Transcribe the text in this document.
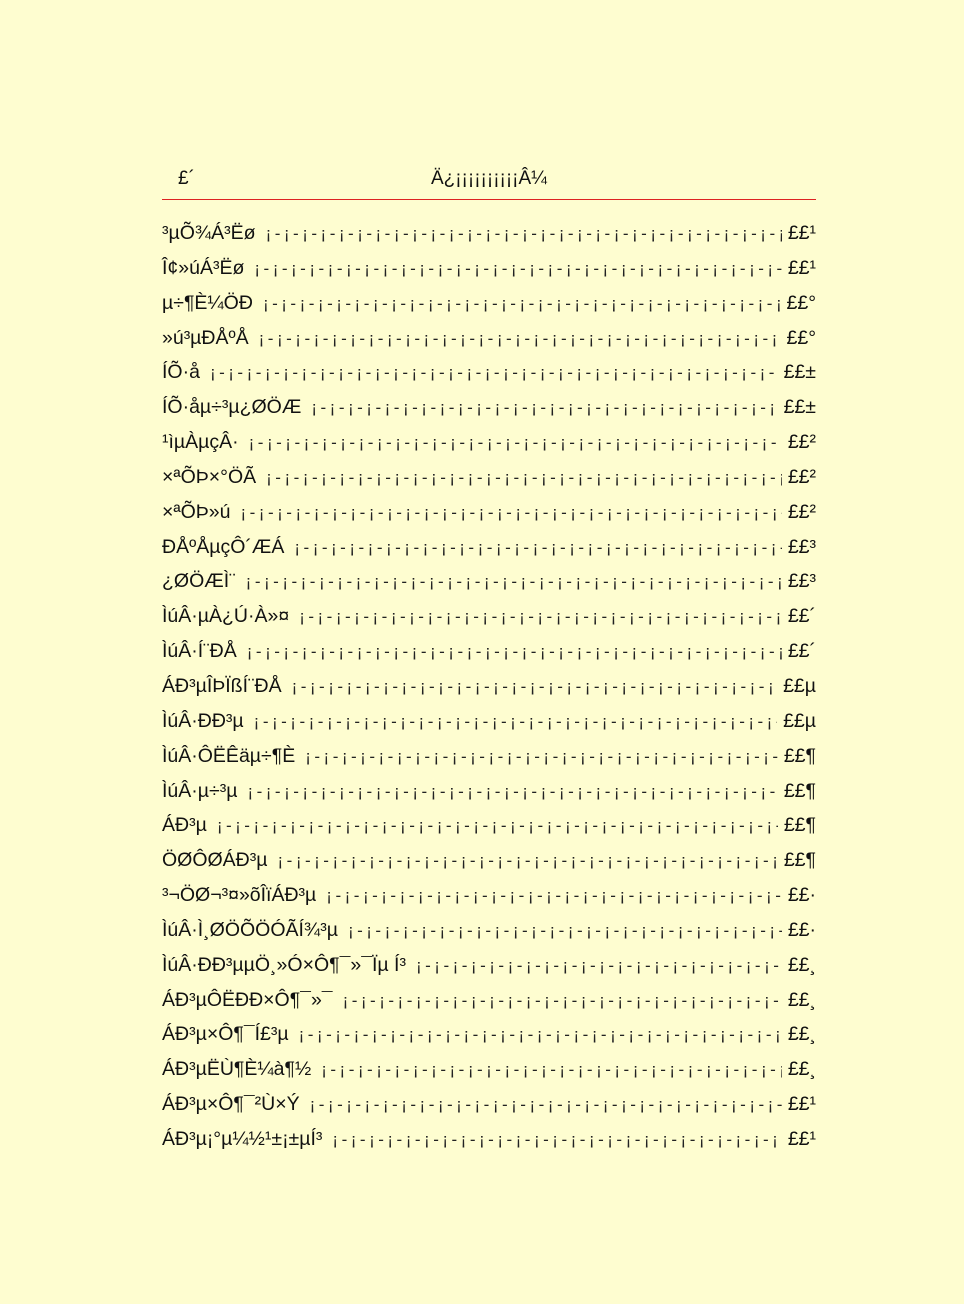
£´	Ä¿¡¡¡¡¡¡¡¡¡¡Â¼
³µÕ¾Á³Ëø ¡-¡-¡-¡-¡-¡-¡-¡-¡-¡-¡-¡-¡-¡-¡-¡-¡-¡-¡-¡-¡-¡-¡-¡-¡-¡-¡-¡-¡-¡-¡-¡-¡-¡-¡-¡-¡-¡-¡-¡-	££¹
Î¢»úÁ³Ëø ¡-¡-¡-¡-¡-¡-¡-¡-¡-¡-¡-¡-¡-¡-¡-¡-¡-¡-¡-¡-¡-¡-¡-¡-¡-¡-¡-¡-¡-¡-¡-¡-¡-¡-¡-¡-¡-¡-¡-¡-	££¹
µ÷¶È¼ÖÐ ¡-¡-¡-¡-¡-¡-¡-¡-¡-¡-¡-¡-¡-¡-¡-¡-¡-¡-¡-¡-¡-¡-¡-¡-¡-¡-¡-¡-¡-¡-¡-¡-¡-¡-¡-¡-¡-¡-¡-¡-	££°
»ú³µÐÅºÅ ¡-¡-¡-¡-¡-¡-¡-¡-¡-¡-¡-¡-¡-¡-¡-¡-¡-¡-¡-¡-¡-¡-¡-¡-¡-¡-¡-¡-¡-¡-¡-¡-¡-¡-¡-¡-¡-¡-¡-¡-	££°
ÍÕ·å ¡-¡-¡-¡-¡-¡-¡-¡-¡-¡-¡-¡-¡-¡-¡-¡-¡-¡-¡-¡-¡-¡-¡-¡-¡-¡-¡-¡-¡-¡-¡-¡-¡-¡-¡-¡-¡-¡-¡-¡-	££±
ÍÕ·åµ÷³µ¿ØÖÆ ¡-¡-¡-¡-¡-¡-¡-¡-¡-¡-¡-¡-¡-¡-¡-¡-¡-¡-¡-¡-¡-¡-¡-¡-¡-¡-¡-¡-¡-¡-¡-¡-¡-¡-¡-¡-¡-¡-¡-¡-	££±
¹ìµÀµçÂ· ¡-¡-¡-¡-¡-¡-¡-¡-¡-¡-¡-¡-¡-¡-¡-¡-¡-¡-¡-¡-¡-¡-¡-¡-¡-¡-¡-¡-¡-¡-¡-¡-¡-¡-¡-¡-¡-¡-¡-¡-	££²
×ªÕÞ×°ÖÃ ¡-¡-¡-¡-¡-¡-¡-¡-¡-¡-¡-¡-¡-¡-¡-¡-¡-¡-¡-¡-¡-¡-¡-¡-¡-¡-¡-¡-¡-¡-¡-¡-¡-¡-¡-¡-¡-¡-¡-¡-	££²
×ªÕÞ»ú ¡-¡-¡-¡-¡-¡-¡-¡-¡-¡-¡-¡-¡-¡-¡-¡-¡-¡-¡-¡-¡-¡-¡-¡-¡-¡-¡-¡-¡-¡-¡-¡-¡-¡-¡-¡-¡-¡-¡-¡-	££²
ÐÅºÅµçÔ´ÆÁ ¡-¡-¡-¡-¡-¡-¡-¡-¡-¡-¡-¡-¡-¡-¡-¡-¡-¡-¡-¡-¡-¡-¡-¡-¡-¡-¡-¡-¡-¡-¡-¡-¡-¡-¡-¡-¡-¡-¡-¡-	££³
¿ØÖÆÌ¨ ¡-¡-¡-¡-¡-¡-¡-¡-¡-¡-¡-¡-¡-¡-¡-¡-¡-¡-¡-¡-¡-¡-¡-¡-¡-¡-¡-¡-¡-¡-¡-¡-¡-¡-¡-¡-¡-¡-¡-¡-	££³
ÌúÂ·µÀ¿Ú·À»¤ ¡-¡-¡-¡-¡-¡-¡-¡-¡-¡-¡-¡-¡-¡-¡-¡-¡-¡-¡-¡-¡-¡-¡-¡-¡-¡-¡-¡-¡-¡-¡-¡-¡-¡-¡-¡-¡-¡-¡-¡-	££´
ÌúÂ·Í¨ÐÅ ¡-¡-¡-¡-¡-¡-¡-¡-¡-¡-¡-¡-¡-¡-¡-¡-¡-¡-¡-¡-¡-¡-¡-¡-¡-¡-¡-¡-¡-¡-¡-¡-¡-¡-¡-¡-¡-¡-¡-¡-	££´
ÁÐ³µÎÞÏßÍ¨ÐÅ ¡-¡-¡-¡-¡-¡-¡-¡-¡-¡-¡-¡-¡-¡-¡-¡-¡-¡-¡-¡-¡-¡-¡-¡-¡-¡-¡-¡-¡-¡-¡-¡-¡-¡-¡-¡-¡-¡-¡-¡-	££µ
ÌúÂ·ÐÐ³µ ¡-¡-¡-¡-¡-¡-¡-¡-¡-¡-¡-¡-¡-¡-¡-¡-¡-¡-¡-¡-¡-¡-¡-¡-¡-¡-¡-¡-¡-¡-¡-¡-¡-¡-¡-¡-¡-¡-¡-¡-	££µ
ÌúÂ·ÔËÊäµ÷¶È ¡-¡-¡-¡-¡-¡-¡-¡-¡-¡-¡-¡-¡-¡-¡-¡-¡-¡-¡-¡-¡-¡-¡-¡-¡-¡-¡-¡-¡-¡-¡-¡-¡-¡-¡-¡-¡-¡-¡-¡-	££¶
ÌúÂ·µ÷³µ ¡-¡-¡-¡-¡-¡-¡-¡-¡-¡-¡-¡-¡-¡-¡-¡-¡-¡-¡-¡-¡-¡-¡-¡-¡-¡-¡-¡-¡-¡-¡-¡-¡-¡-¡-¡-¡-¡-¡-¡-	££¶
ÁÐ³µ ¡-¡-¡-¡-¡-¡-¡-¡-¡-¡-¡-¡-¡-¡-¡-¡-¡-¡-¡-¡-¡-¡-¡-¡-¡-¡-¡-¡-¡-¡-¡-¡-¡-¡-¡-¡-¡-¡-¡-¡-	££¶
ÖØÔØÁÐ³µ ¡-¡-¡-¡-¡-¡-¡-¡-¡-¡-¡-¡-¡-¡-¡-¡-¡-¡-¡-¡-¡-¡-¡-¡-¡-¡-¡-¡-¡-¡-¡-¡-¡-¡-¡-¡-¡-¡-¡-¡-	££¶
³¬ÖØ¬³¤»õÎïÁÐ³µ ¡-¡-¡-¡-¡-¡-¡-¡-¡-¡-¡-¡-¡-¡-¡-¡-¡-¡-¡-¡-¡-¡-¡-¡-¡-¡-¡-¡-¡-¡-¡-¡-¡-¡-¡-¡-¡-¡-¡-¡-	££·
ÌúÂ·Ì¸ØÖÕÖÓÃÍ¾³µ ¡-¡-¡-¡-¡-¡-¡-¡-¡-¡-¡-¡-¡-¡-¡-¡-¡-¡-¡-¡-¡-¡-¡-¡-¡-¡-¡-¡-¡-¡-¡-¡-¡-¡-¡-¡-¡-¡-¡-¡-	££·
ÌúÂ·ÐÐ³µµÖ¸»Ó×Ô¶¯»¯Ïµ Í³ ¡-¡-¡-¡-¡-¡-¡-¡-¡-¡-¡-¡-¡-¡-¡-¡-¡-¡-¡-¡-¡-¡-¡-¡-¡-¡-¡-¡-¡-¡-¡-¡-¡-¡-¡-¡-¡-¡-¡-¡-	££¸
ÁÐ³µÔËÐÐ×Ô¶¯»¯ ¡-¡-¡-¡-¡-¡-¡-¡-¡-¡-¡-¡-¡-¡-¡-¡-¡-¡-¡-¡-¡-¡-¡-¡-¡-¡-¡-¡-¡-¡-¡-¡-¡-¡-¡-¡-¡-¡-¡-¡-	££¸
ÁÐ³µ×Ô¶¯Í£³µ ¡-¡-¡-¡-¡-¡-¡-¡-¡-¡-¡-¡-¡-¡-¡-¡-¡-¡-¡-¡-¡-¡-¡-¡-¡-¡-¡-¡-¡-¡-¡-¡-¡-¡-¡-¡-¡-¡-¡-¡-	££¸
ÁÐ³µËÙ¶È¼à¶½ ¡-¡-¡-¡-¡-¡-¡-¡-¡-¡-¡-¡-¡-¡-¡-¡-¡-¡-¡-¡-¡-¡-¡-¡-¡-¡-¡-¡-¡-¡-¡-¡-¡-¡-¡-¡-¡-¡-¡-¡-	££¸
ÁÐ³µ×Ô¶¯²Ù×Ý ¡-¡-¡-¡-¡-¡-¡-¡-¡-¡-¡-¡-¡-¡-¡-¡-¡-¡-¡-¡-¡-¡-¡-¡-¡-¡-¡-¡-¡-¡-¡-¡-¡-¡-¡-¡-¡-¡-¡-¡-	££¹
ÁÐ³µ¡°µ¼½¹±¡±µÍ³ ¡-¡-¡-¡-¡-¡-¡-¡-¡-¡-¡-¡-¡-¡-¡-¡-¡-¡-¡-¡-¡-¡-¡-¡-¡-¡-¡-¡-¡-¡-¡-¡-¡-¡-¡-¡-¡-¡-¡-¡-	££¹
